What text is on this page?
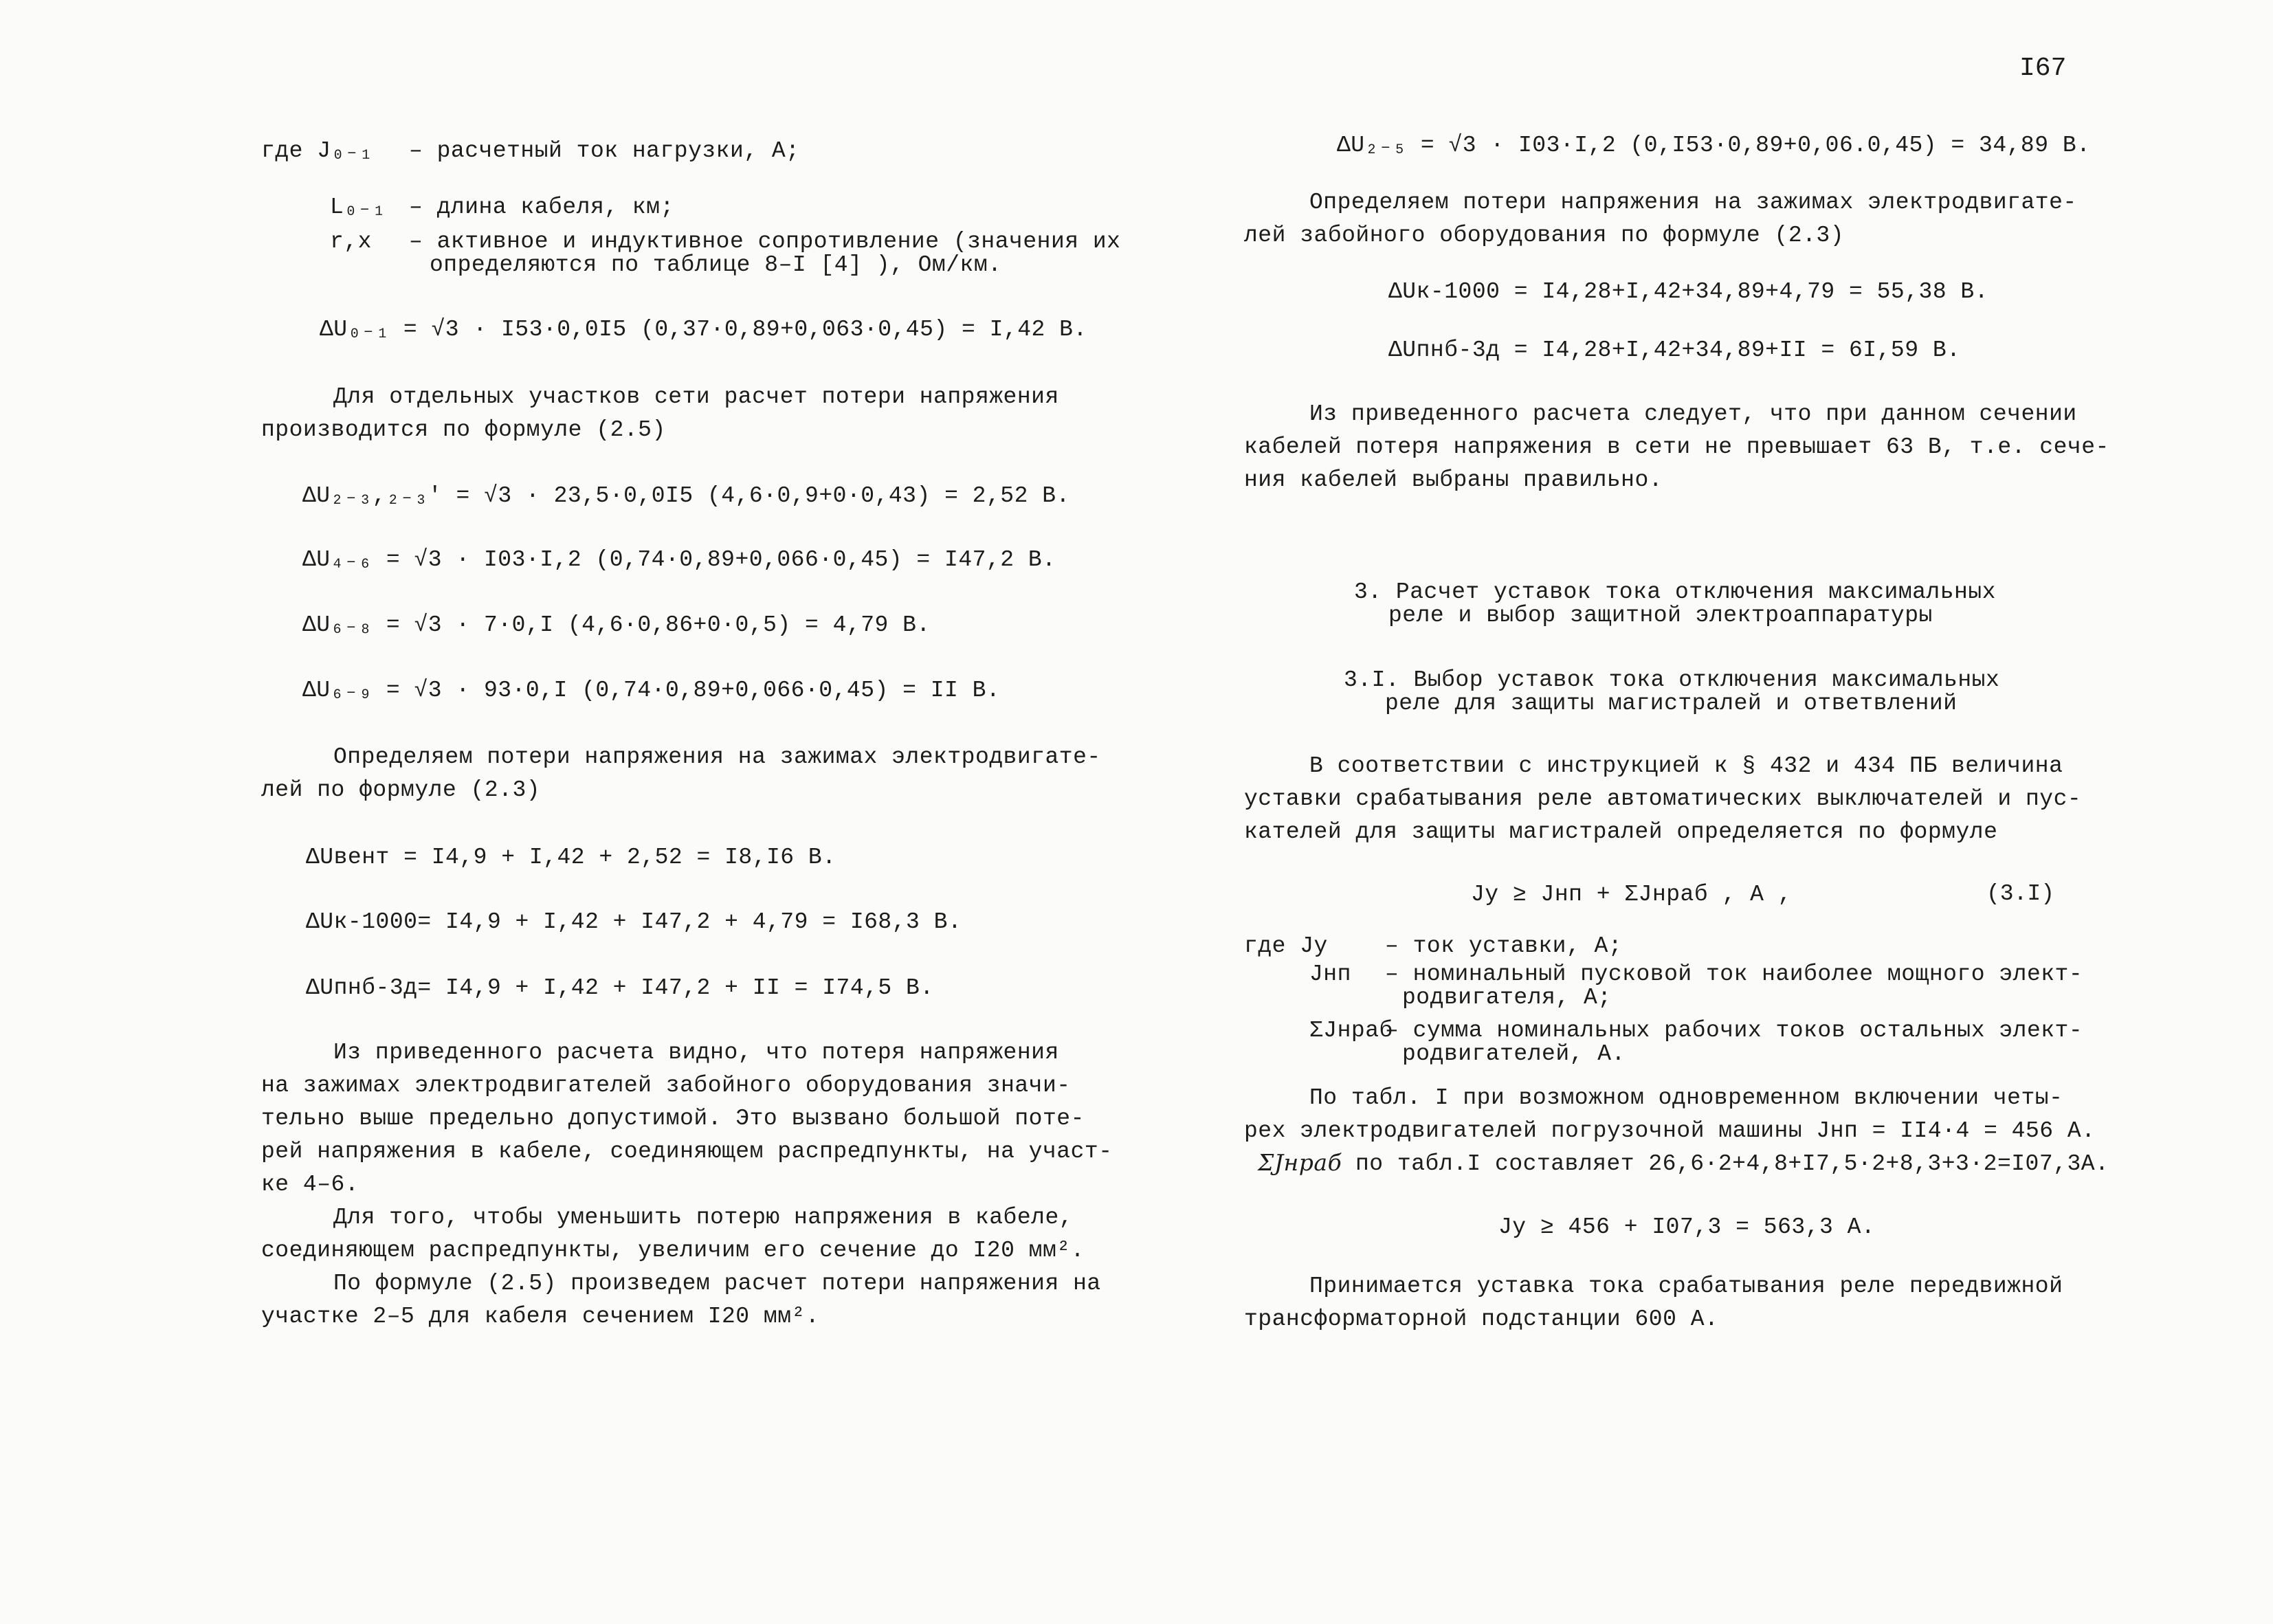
I67
где Ј₀₋₁ – расчетный ток нагрузки, А;
L₀₋₁ – длина кабеля, км;
r,x – активное и индуктивное сопротивление (значения их
определяются по таблице 8–I [4] ), Ом/км.
ΔU₀₋₁ = √3 · I53·0,0I5 (0,37·0,89+0,063·0,45) = I,42 В.
Для отдельных участков сети расчет потери напряжения
производится по формуле (2.5)
ΔU₂₋₃,₂₋₃' = √3 · 23,5·0,0I5 (4,6·0,9+0·0,43) = 2,52 В.
ΔU₄₋₆ = √3 · I03·I,2 (0,74·0,89+0,066·0,45) = I47,2 В.
ΔU₆₋₈ = √3 · 7·0,I (4,6·0,86+0·0,5) = 4,79 В.
ΔU₆₋₉ = √3 · 93·0,I (0,74·0,89+0,066·0,45) = II В.
Определяем потери напряжения на зажимах электродвигате-
лей по формуле (2.3)
ΔUвент = I4,9 + I,42 + 2,52 = I8,I6 В.
ΔUк-1000= I4,9 + I,42 + I47,2 + 4,79 = I68,3 В.
ΔUпнб-3д= I4,9 + I,42 + I47,2 + II = I74,5 В.
Из приведенного расчета видно, что потеря напряжения
на зажимах электродвигателей забойного оборудования значи-
тельно выше предельно допустимой. Это вызвано большой поте-
рей напряжения в кабеле, соединяющем распредпункты, на участ-
ке 4–6.
Для того, чтобы уменьшить потерю напряжения в кабеле,
соединяющем распредпункты, увеличим его сечение до I20 мм².
По формуле (2.5) произведем расчет потери напряжения на
участке 2–5 для кабеля сечением I20 мм².
ΔU₂₋₅ = √3 · I03·I,2 (0,I53·0,89+0,06.0,45) = 34,89 В.
Определяем потери напряжения на зажимах электродвигате-
лей забойного оборудования по формуле (2.3)
ΔUк-1000 = I4,28+I,42+34,89+4,79 = 55,38 В.
ΔUпнб-3д = I4,28+I,42+34,89+II = 6I,59 В.
Из приведенного расчета следует, что при данном сечении
кабелей потеря напряжения в сети не превышает 63 В, т.е. сече-
ния кабелей выбраны правильно.
3. Расчет уставок тока отключения максимальных
реле и выбор защитной электроаппаратуры
3.I. Выбор уставок тока отключения максимальных
реле для защиты магистралей и ответвлений
В соответствии с инструкцией к § 432 и 434 ПБ величина
уставки срабатывания реле автоматических выключателей и пус-
кателей для защиты магистралей определяется по формуле
Ју ≥ Јнп + ΣЈнраб , А ,	(3.I)
где Ју	– ток уставки, А;
Јнп – номинальный пусковой ток наиболее мощного элект-
родвигателя, А;
ΣЈнраб
– сумма номинальных рабочих токов остальных элект-
родвигателей, А.
По табл. I при возможном одновременном включении четы-
рех электродвигателей погрузочной машины Јнп = II4·4 = 456 А.
ΣЈнраб по табл.I составляет 26,6·2+4,8+I7,5·2+8,3+3·2=I07,3А.
Ју ≥ 456 + I07,3 = 563,3 А.
Принимается уставка тока срабатывания реле передвижной
трансформаторной подстанции 600 А.
